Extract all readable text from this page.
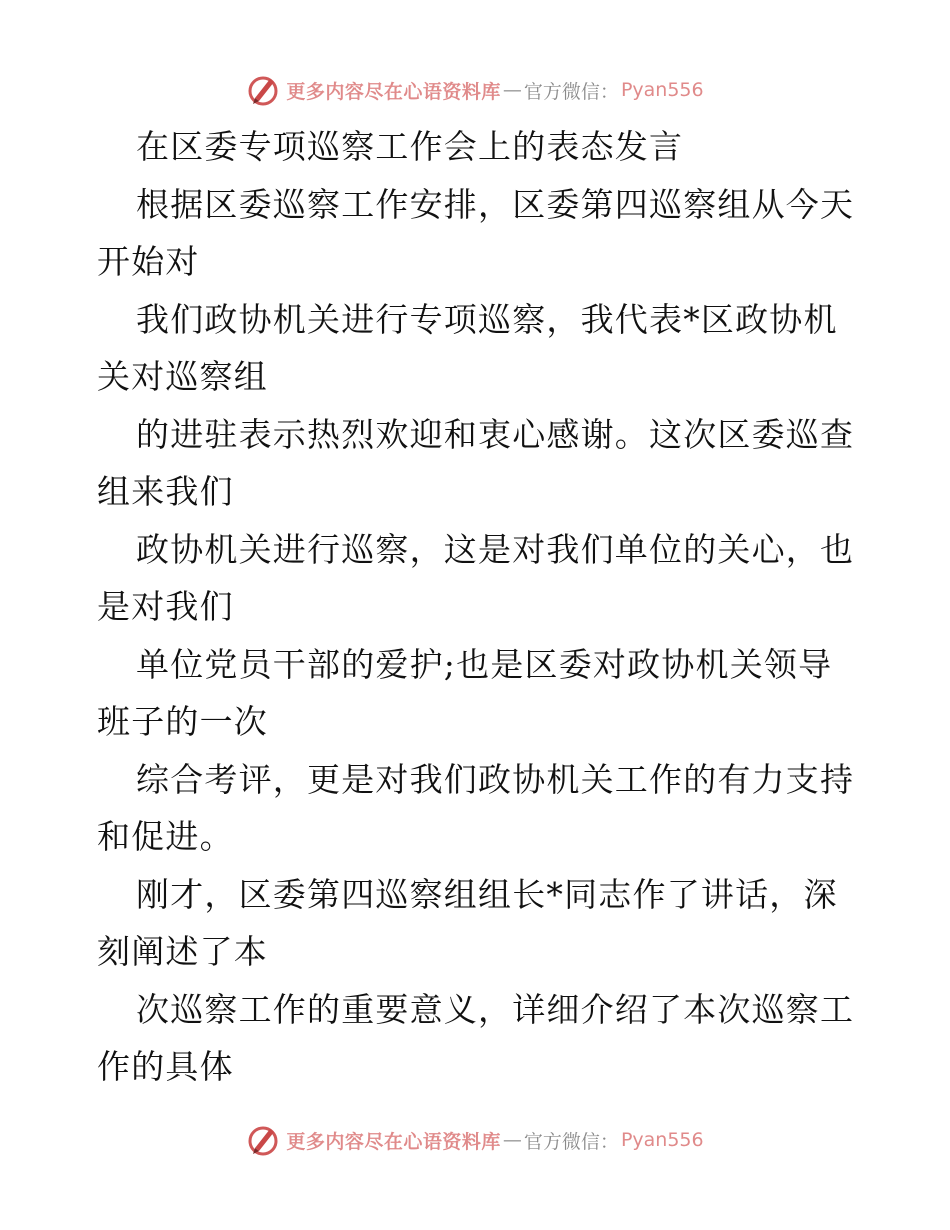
更多内容尽在心语资料库 — 官方微信： Pyan556

在区委专项巡察工作会上的表态发言

根据区委巡察工作安排，区委第四巡察组从今天开始对

我们政协机关进行专项巡察，我代表*区政协机关对巡察组

的进驻表示热烈欢迎和衷心感谢。这次区委巡查组来我们

政协机关进行巡察，这是对我们单位的关心，也是对我们

单位党员干部的爱护;也是区委对政协机关领导班子的一次

综合考评，更是对我们政协机关工作的有力支持和促进。

刚才，区委第四巡察组组长*同志作了讲话，深刻阐述了本

次巡察工作的重要意义，详细介绍了本次巡察工作的具体

更多内容尽在心语资料库 — 官方微信： Pyan556
